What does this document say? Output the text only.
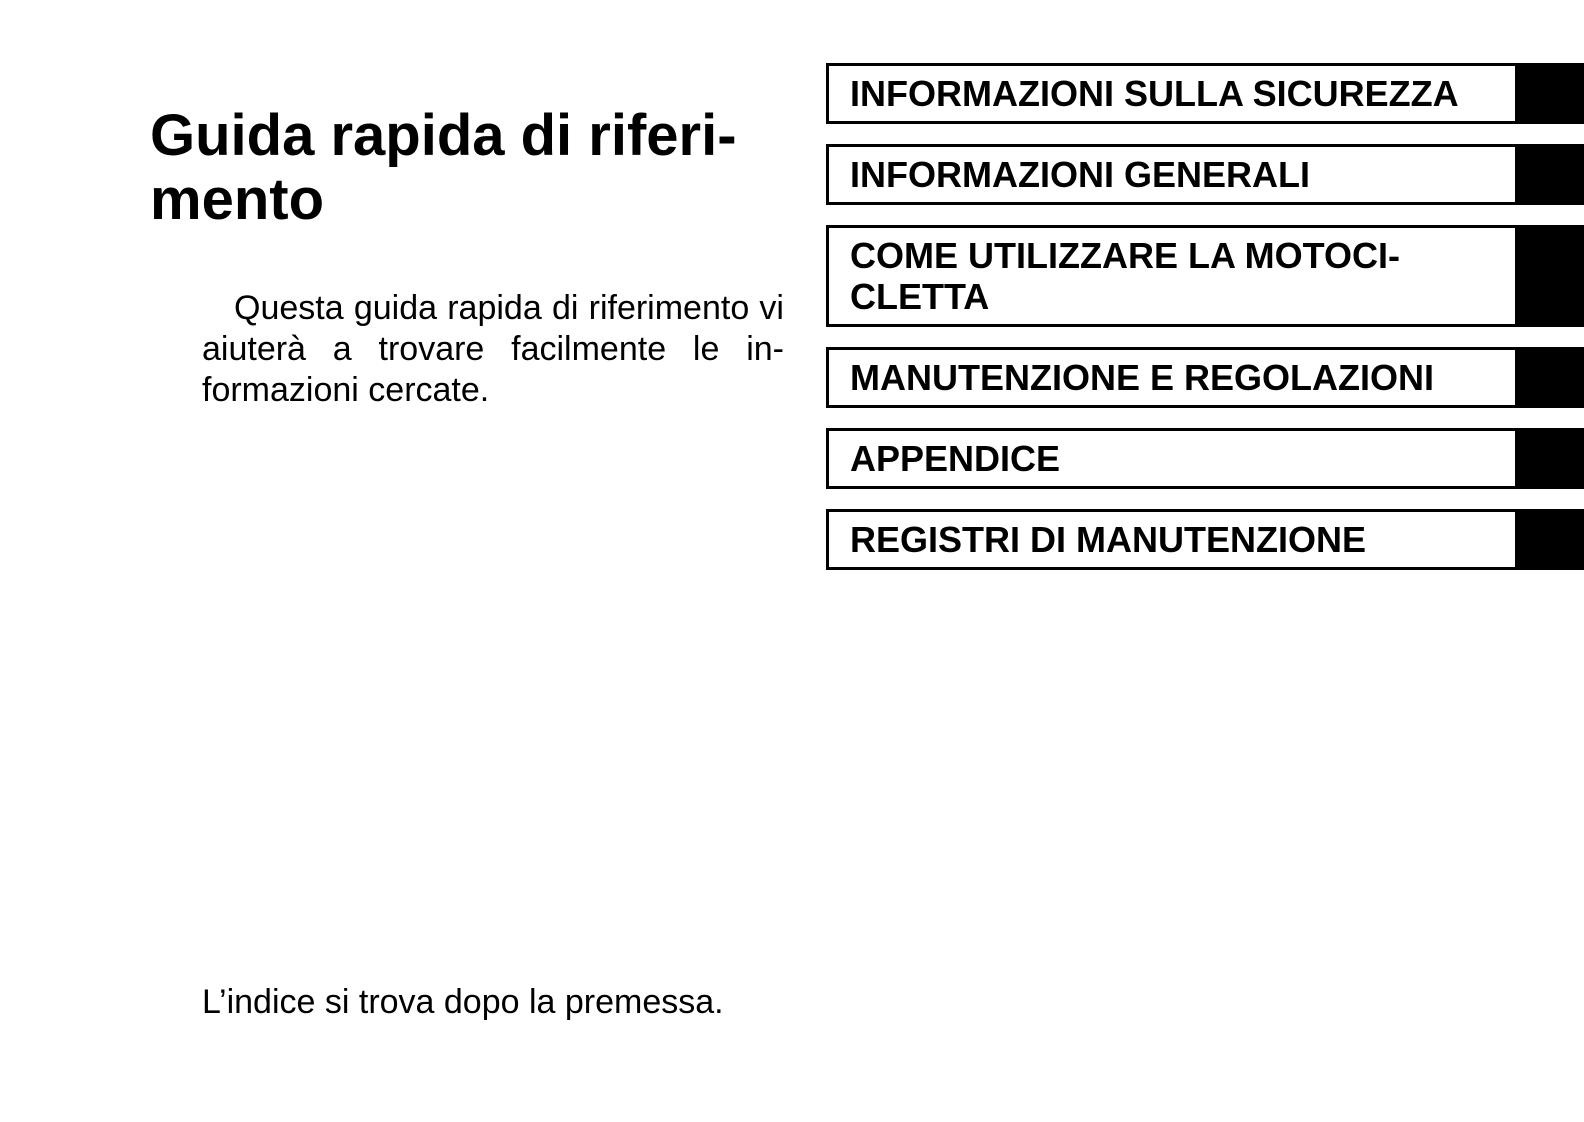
Guida rapida di riferi- mento

Questa guida rapida di riferimento vi aiuterà a trovare facilmente le in- formazioni cercate.

INFORMAZIONI SULLA SICUREZZA
INFORMAZIONI GENERALI
COME UTILIZZARE LA MOTOCI- CLETTA
MANUTENZIONE E REGOLAZIONI
APPENDICE
REGISTRI DI MANUTENZIONE

L’indice si trova dopo la premessa.
